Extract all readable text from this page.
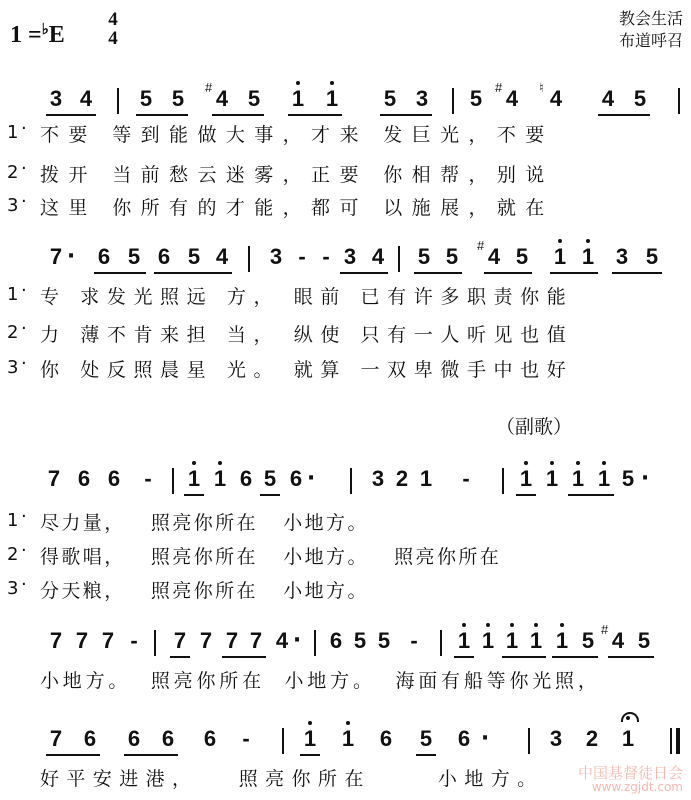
1 =♭E
4
4
教会生活
布道呼召
3 4 5 5 # 4 5 1 1 5 3 5 # 4 ♮ 4 4 5
1 · 不要 等到能做大事，才来 发巨光，不要
2 · 拨开 当前愁云迷雾，正要 你相帮，别说
3 · 这里 你所有的才能，都可 以施展，就在
7 · 6 5 6 5 4 3 - - 3 4 5 5 # 4 5 1 1 3 5
1 · 专 求发光照远 方， 眼前 已有许多职责你能
2 · 力 薄不肯来担 当， 纵使 只有一人听见也值
3 · 你 处反照晨星 光。 就算 一双卑微手中也好
（副歌）
7 6 6 - 1 1 6 5 6 ·	3 2 1 - 1 1 1 1 5 ·
1 · 尽力量，   照亮你所在   小地方。
2 · 得歌唱，   照亮你所在   小地方。   照亮你所在
3 · 分天粮，   照亮你所在   小地方。
7 7 7 - 7 7 7 7 4 · 6 5 5 - 1 1 1 1 1 5 # 4 5
小地方。  照亮你所在  小地方。  海面有船等你光照，
7 6 6 6 6 - 1 1 6 5 6 ·	3 2 1
好平安进港，   照亮你所在     小地方。 中国基督徒日会
www.zgjdt.com
